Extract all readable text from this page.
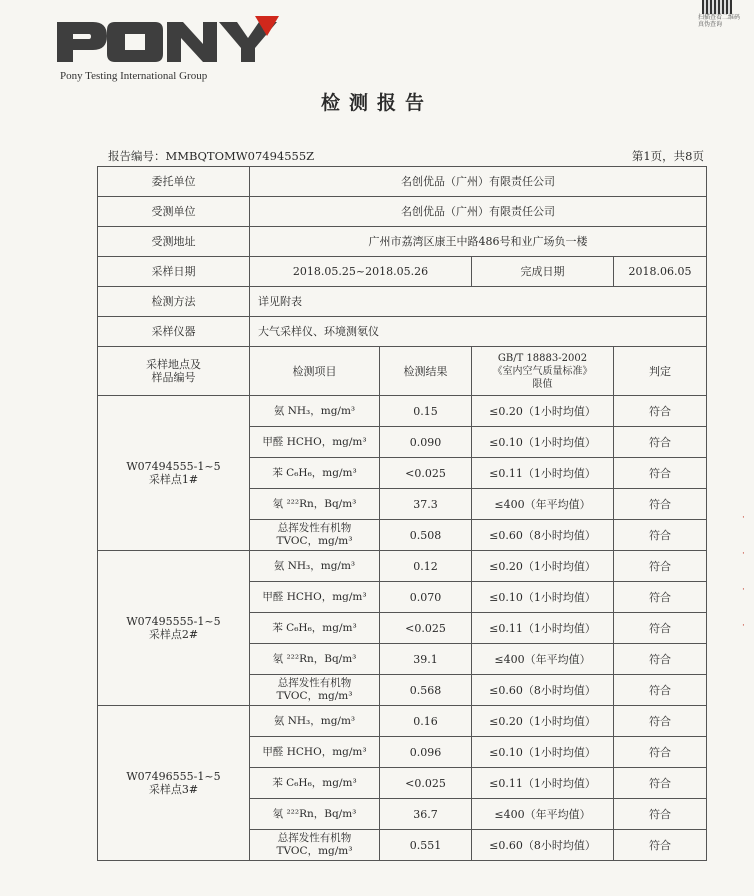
Pony Testing International Group
扫描查看二维码 真伪查询
检测报告
报告编号：MMBQTOMW07494555Z	第1页，共8页
委托单位	名创优品（广州）有限责任公司			
受测单位	名创优品（广州）有限责任公司			
受测地址	广州市荔湾区康王中路486号和业广场负一楼			
采样日期	2018.05.25~2018.05.26		完成日期	2018.06.05
检测方法	详见附表			
采样仪器	大气采样仪、环境测氡仪			
采样地点及
样品编号	检测项目	检测结果	GB/T 18883-2002
《室内空气质量标准》
限值	判定

W07494555-1~5
采样点1#	氨 NH₃，mg/m³	0.15	≤0.20（1小时均值）	符合
	甲醛 HCHO，mg/m³	0.090	≤0.10（1小时均值）	符合
	苯 C₆H₆，mg/m³	<0.025	≤0.11（1小时均值）	符合
	氡 ²²²Rn，Bq/m³	37.3	≤400（年平均值）	符合
	总挥发性有机物
TVOC，mg/m³	0.508	≤0.60（8小时均值）	符合

W07495555-1~5
采样点2#	氨 NH₃，mg/m³	0.12	≤0.20（1小时均值）	符合
	甲醛 HCHO，mg/m³	0.070	≤0.10（1小时均值）	符合
	苯 C₆H₆，mg/m³	<0.025	≤0.11（1小时均值）	符合
	氡 ²²²Rn，Bq/m³	39.1	≤400（年平均值）	符合
	总挥发性有机物
TVOC，mg/m³	0.568	≤0.60（8小时均值）	符合

W07496555-1~5
采样点3#	氨 NH₃，mg/m³	0.16	≤0.20（1小时均值）	符合
	甲醛 HCHO，mg/m³	0.096	≤0.10（1小时均值）	符合
	苯 C₆H₆，mg/m³	<0.025	≤0.11（1小时均值）	符合
	氡 ²²²Rn，Bq/m³	36.7	≤400（年平均值）	符合
	总挥发性有机物
TVOC，mg/m³	0.551	≤0.60（8小时均值）	符合
·
·
·
·
